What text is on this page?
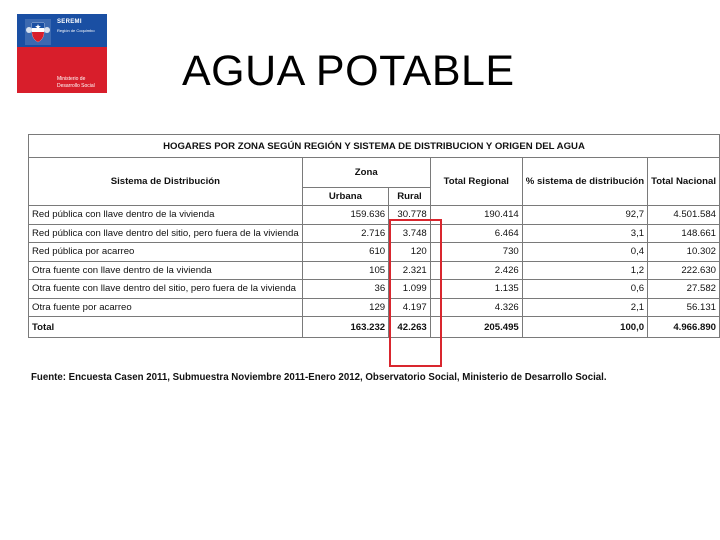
SEREMI
Región de Coquimbo
Ministerio de
Desarrollo Social AGUA POTABLE
HOGARES POR ZONA SEGÚN REGIÓN Y SISTEMA DE DISTRIBUCION Y ORIGEN DEL AGUA					
Sistema de Distribución	Zona		Total Regional	% sistema de distribución	Total Nacional
	Urbana	Rural			
Red pública con llave dentro de la vivienda	159.636	30.778	190.414	92,7	4.501.584
Red pública con llave dentro del sitio, pero fuera de la vivienda	2.716	3.748	6.464	3,1	148.661
Red pública por acarreo	610	120	730	0,4	10.302
Otra fuente con llave dentro de la vivienda	105	2.321	2.426	1,2	222.630
Otra fuente con llave dentro del sitio, pero fuera de la vivienda	36	1.099	1.135	0,6	27.582
Otra fuente por acarreo	129	4.197	4.326	2,1	56.131
Total	163.232	42.263	205.495	100,0	4.966.890
Fuente: Encuesta Casen 2011, Submuestra Noviembre 2011-Enero 2012, Observatorio Social, Ministerio de Desarrollo Social.
